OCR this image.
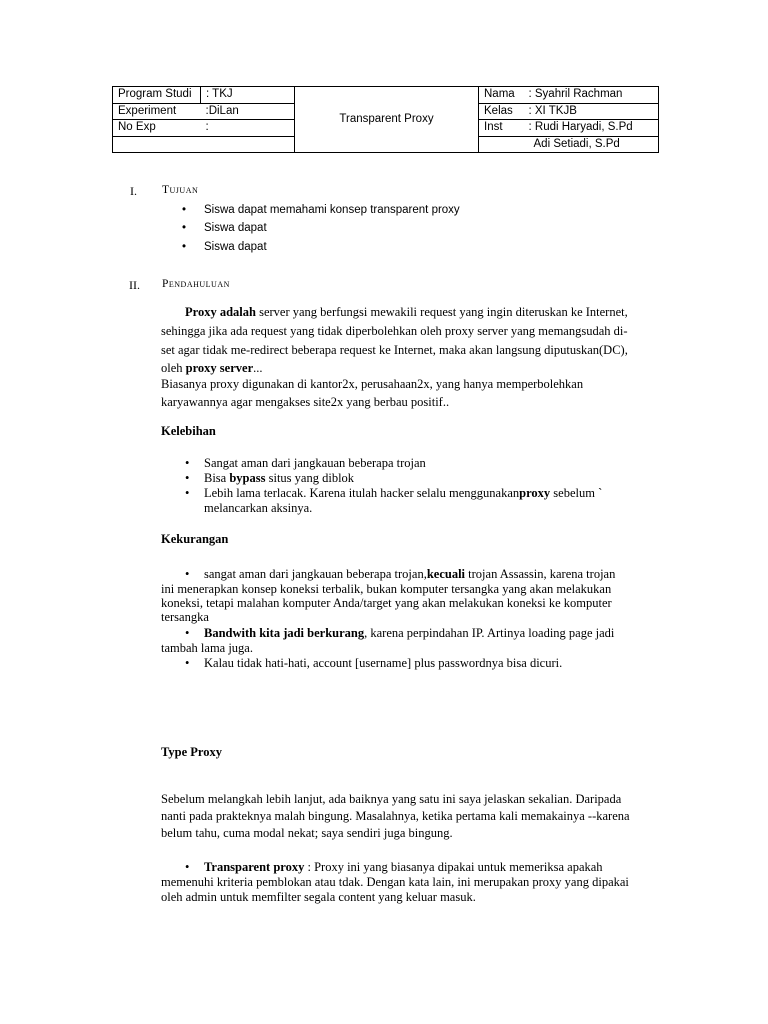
Program Studi	: TKJ	Transparent Proxy	Nama	: Syahril Rachman
Experiment	:DiLan		Kelas	: XI TKJB
No Exp	:		Inst	: Rudi Haryadi, S.Pd
				Adi Setiadi, S.Pd
I. Tujuan
• Siswa dapat memahami konsep transparent proxy
• Siswa dapat
• Siswa dapat
II. Pendahuluan
Proxy adalah server yang berfungsi mewakili request yang ingin diteruskan ke Internet,
sehingga jika ada request yang tidak diperbolehkan oleh proxy server yang memangsudah di-
set agar tidak me-redirect beberapa request ke Internet, maka akan langsung diputuskan(DC),
oleh proxy server...
Biasanya proxy digunakan di kantor2x, perusahaan2x, yang hanya memperbolehkan
karyawannya agar mengakses site2x yang berbau positif..
Kelebihan
• Sangat aman dari jangkauan beberapa trojan
• Bisa bypass situs yang diblok
• Lebih lama terlacak. Karena itulah hacker selalu menggunakanproxy sebelum `
melancarkan aksinya.
Kekurangan
• sangat aman dari jangkauan beberapa trojan,kecuali trojan Assassin, karena trojan
ini menerapkan konsep koneksi terbalik, bukan komputer tersangka yang akan melakukan
koneksi, tetapi malahan komputer Anda/target yang akan melakukan koneksi ke komputer
tersangka
• Bandwith kita jadi berkurang, karena perpindahan IP. Artinya loading page jadi
tambah lama juga.
• Kalau tidak hati-hati, account [username] plus passwordnya bisa dicuri.
Type Proxy
Sebelum melangkah lebih lanjut, ada baiknya yang satu ini saya jelaskan sekalian. Daripada
nanti pada prakteknya malah bingung. Masalahnya, ketika pertama kali memakainya --karena
belum tahu, cuma modal nekat; saya sendiri juga bingung.
• Transparent proxy : Proxy ini yang biasanya dipakai untuk memeriksa apakah
memenuhi kriteria pemblokan atau tdak. Dengan kata lain, ini merupakan proxy yang dipakai
oleh admin untuk memfilter segala content yang keluar masuk.
